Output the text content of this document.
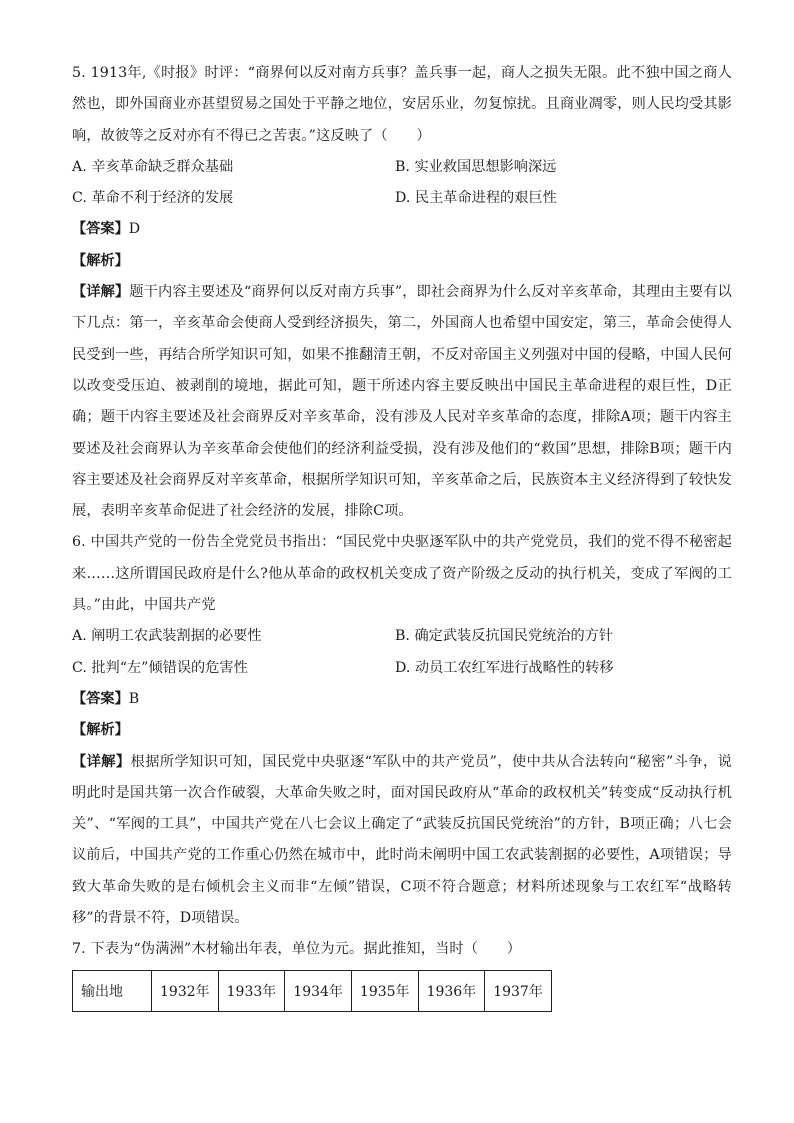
5. 1913年,《时报》时评：“商界何以反对南方兵事？盖兵事一起，商人之损失无限。此不独中国之商人然也，即外国商业亦甚望贸易之国处于平静之地位，安居乐业，勿复惊扰。且商业凋零，则人民均受其影响，故彼等之反对亦有不得已之苦衷。”这反映了（　　）

A. 辛亥革命缺乏群众基础	B. 实业救国思想影响深远
C. 革命不利于经济的发展	D. 民主革命进程的艰巨性
【答案】D
【解析】

【详解】题干内容主要述及“商界何以反对南方兵事”，即社会商界为什么反对辛亥革命，其理由主要有以下几点：第一，辛亥革命会使商人受到经济损失，第二，外国商人也希望中国安定，第三，革命会使得人民受到一些，再结合所学知识可知，如果不推翻清王朝，不反对帝国主义列强对中国的侵略，中国人民何以改变受压迫、被剥削的境地，据此可知，题干所述内容主要反映出中国民主革命进程的艰巨性，D正确；题干内容主要述及社会商界反对辛亥革命，没有涉及人民对辛亥革命的态度，排除A项；题干内容主要述及社会商界认为辛亥革命会使他们的经济利益受损，没有涉及他们的“救国”思想，排除B项；题干内容主要述及社会商界反对辛亥革命，根据所学知识可知，辛亥革命之后，民族资本主义经济得到了较快发展，表明辛亥革命促进了社会经济的发展，排除C项。

6. 中国共产党的一份告全党党员书指出：“国民党中央驱逐军队中的共产党党员，我们的党不得不秘密起来……这所谓国民政府是什么?他从革命的政权机关变成了资产阶级之反动的执行机关，变成了军阀的工具。”由此，中国共产党

A. 阐明工农武装割据的必要性	B. 确定武装反抗国民党统治的方针
C. 批判“左”倾错误的危害性	D. 动员工农红军进行战略性的转移
【答案】B
【解析】

【详解】根据所学知识可知，国民党中央驱逐“军队中的共产党员”，使中共从合法转向“秘密”斗争，说明此时是国共第一次合作破裂，大革命失败之时，面对国民政府从“革命的政权机关”转变成“反动执行机关”、“军阀的工具”，中国共产党在八七会议上确定了“武装反抗国民党统治”的方针，B项正确；八七会议前后，中国共产党的工作重心仍然在城市中，此时尚未阐明中国工农武装割据的必要性，A项错误；导致大革命失败的是右倾机会主义而非“左倾”错误，C项不符合题意；材料所述现象与工农红军“战略转移”的背景不符，D项错误。

7. 下表为“伪满洲”木材输出年表，单位为元。据此推知，当时（　　）

输出地	1932年	1933年	1934年	1935年	1936年	1937年
